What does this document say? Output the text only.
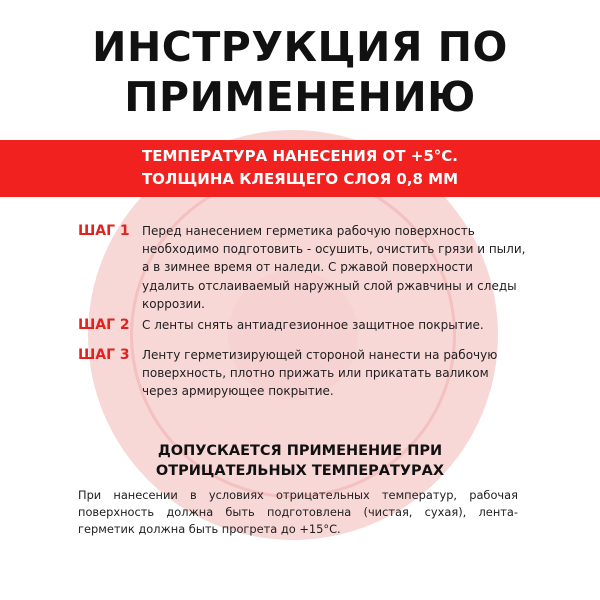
ИНСТРУКЦИЯ ПО
ПРИМЕНЕНИЮ
ТЕМПЕРАТУРА НАНЕСЕНИЯ ОТ +5°С.
ТОЛЩИНА КЛЕЯЩЕГО СЛОЯ 0,8 ММ
ШАГ 1 Перед нанесением герметика рабочую поверхность необходимо подготовить - осушить, очистить грязи и пыли, а в зимнее время от наледи. С ржавой поверхности удалить отслаиваемый наружный слой ржавчины и следы коррозии.

ШАГ 2 С ленты снять антиадгезионное защитное покрытие.

ШАГ 3 Ленту герметизирующей стороной нанести на рабочую поверхность, плотно прижать или прикатать валиком через армирующее покрытие.

ДОПУСКАЕТСЯ ПРИМЕНЕНИЕ ПРИ
ОТРИЦАТЕЛЬНЫХ ТЕМПЕРАТУРАХ

При нанесении в условиях отрицательных температур, рабочая поверхность должна быть подготовлена (чистая, сухая), лента-герметик должна быть прогрета до +15°С.
